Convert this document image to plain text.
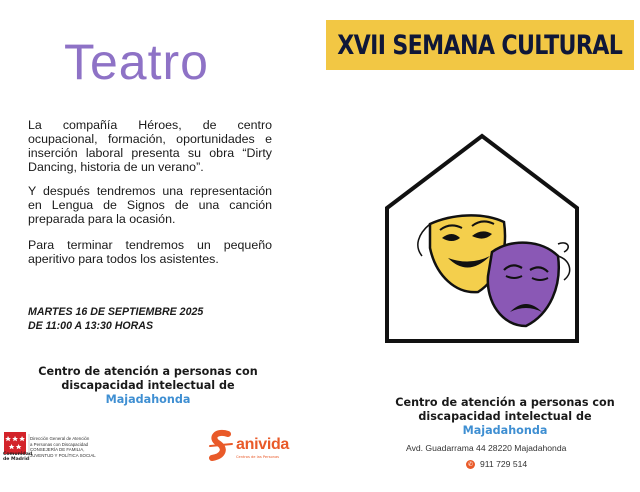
Teatro

La compañía Héroes, de centro ocupacional, formación, oportunidades e inserción laboral presenta su obra “Dirty Dancing, historia de un verano”.

Y después tendremos una representación en Lengua de Signos de una canción preparada para la ocasión.

Para terminar tendremos un pequeño aperitivo para todos los asistentes.

MARTES 16 DE SEPTIEMBRE 2025
DE 11:00 A 13:30 HORAS
Centro de atención a personas con
discapacidad intelectual de
Majadahonda
Dirección General de Atención
a Personas con Discapacidad
CONSEJERÍA DE FAMILIA,
JUVENTUD Y POLÍTICA SOCIAL
Comunidad
de Madrid
anivida
Centros de las Personas
XVII SEMANA CULTURAL
Centro de atención a personas con
discapacidad intelectual de
Majadahonda
Avd. Guadarrama 44 28220 Majadahonda
✆ 911 729 514
